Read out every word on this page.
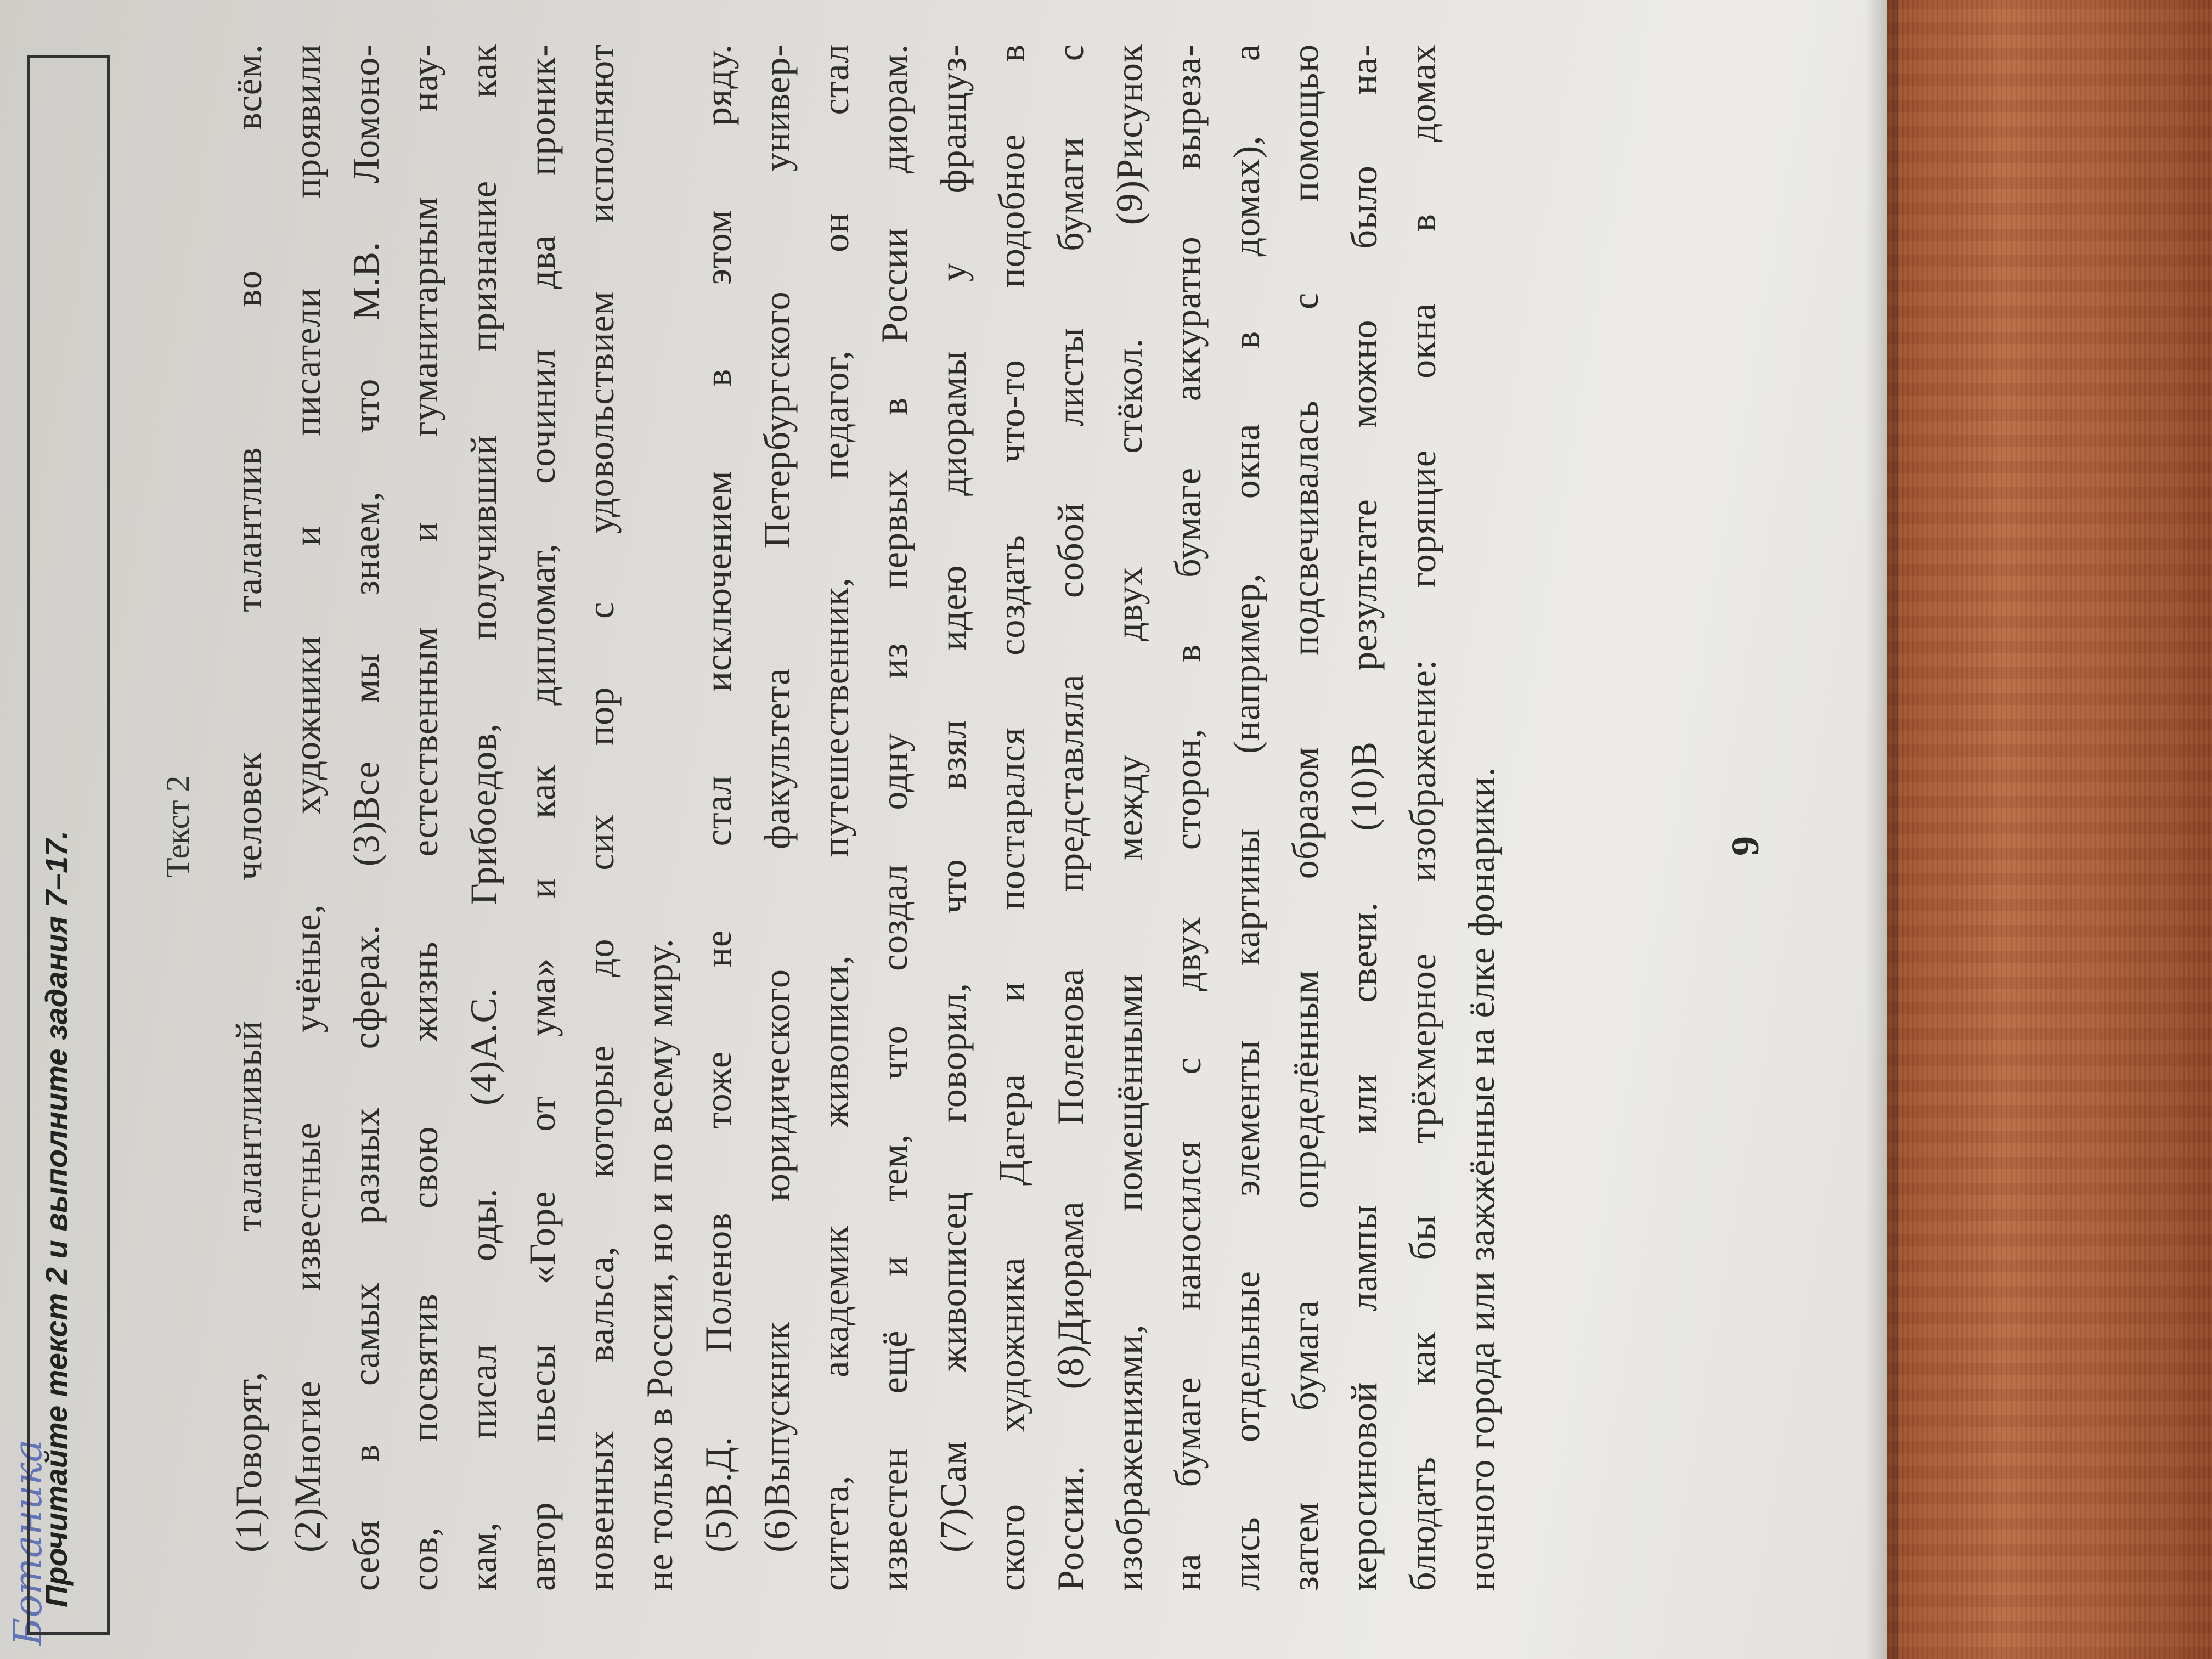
Ботаника
Прочитайте текст 2 и выполните задания 7–17.
Текст 2 (1)Говорят, талантливый человек талантлив во всём. (2)Многие известные учёные, художники и писатели проявили себя в самых разных сферах. (3)Все мы знаем, что М.В. Ломоно- сов, посвятив свою жизнь естественным и гуманитарным нау- кам, писал оды. (4)А.С. Грибоедов, получивший признание как автор пьесы «Горе от ума» и как дипломат, сочинил два проник- новенных вальса, которые до сих пор с удовольствием исполняют не только в России, но и по всему миру. (5)В.Д. Поленов тоже не стал исключением в этом ряду. (6)Выпускник юридического факультета Петербургского универ- ситета, академик живописи, путешественник, педагог, он стал известен ещё и тем, что создал одну из первых в России диорам. (7)Сам живописец говорил, что взял идею диорамы у француз- ского художника Дагера и постарался создать что-то подобное в России. (8)Диорама Поленова представляла собой листы бумаги с изображениями, помещёнными между двух стёкол. (9)Рисунок на бумаге наносился с двух сторон, в бумаге аккуратно выреза- лись отдельные элементы картины (например, окна в домах), а затем бумага определённым образом подсвечивалась с помощью керосиновой лампы или свечи. (10)В результате можно было на- блюдать как бы трёхмерное изображение: горящие окна в домах ночного города или зажжённые на ёлке фонарики.	9
